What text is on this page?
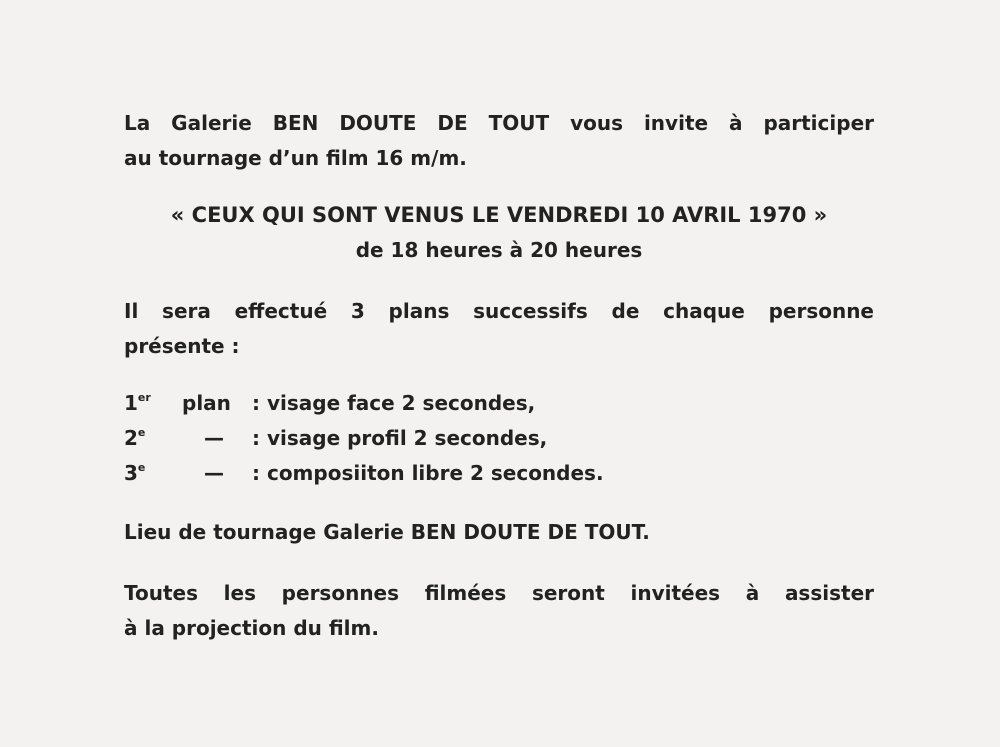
La Galerie BEN DOUTE DE TOUT vous invite à participer
au tournage d’un film 16 m/m.
« CEUX QUI SONT VENUS LE VENDREDI 10 AVRIL 1970 »
de 18 heures à 20 heures
Il sera effectué 3 plans successifs de chaque personne
présente :
1er	plan	: visage face 2 secondes,
2e	—	: visage profil 2 secondes,
3e	—	: composiiton libre 2 secondes.
Lieu de tournage Galerie BEN DOUTE DE TOUT.
Toutes les personnes filmées seront invitées à assister
à la projection du film.
